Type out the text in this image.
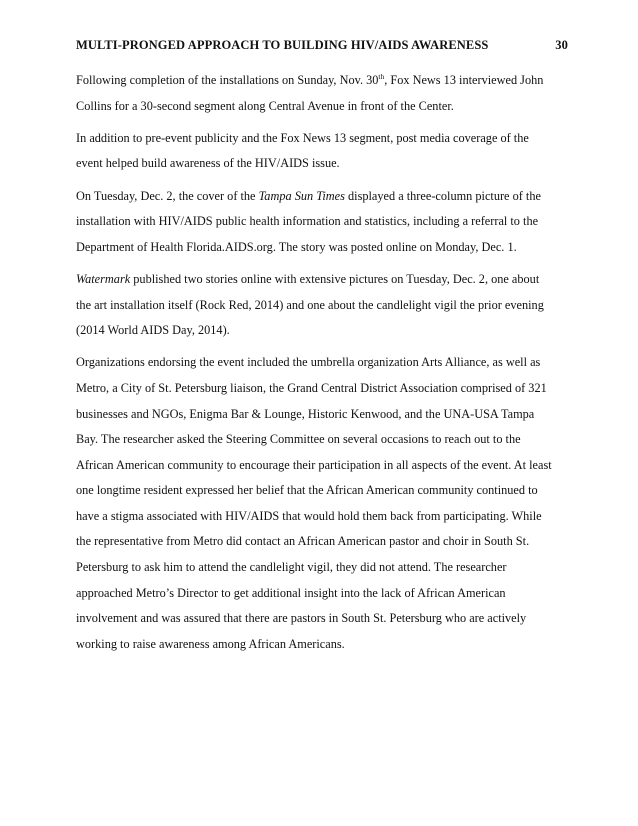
MULTI-PRONGED APPROACH TO BUILDING HIV/AIDS AWARENESS	30
Following completion of the installations on Sunday, Nov. 30th, Fox News 13 interviewed John
Collins for a 30-second segment along Central Avenue in front of the Center.
In addition to pre-event publicity and the Fox News 13 segment, post media coverage of the
event helped build awareness of the HIV/AIDS issue.
On Tuesday, Dec. 2, the cover of the Tampa Sun Times displayed a three-column picture of the
installation with HIV/AIDS public health information and statistics, including a referral to the
Department of Health Florida.AIDS.org. The story was posted online on Monday, Dec. 1.
Watermark published two stories online with extensive pictures on Tuesday, Dec. 2, one about
the art installation itself (Rock Red, 2014) and one about the candlelight vigil the prior evening
(2014 World AIDS Day, 2014).
Organizations endorsing the event included the umbrella organization Arts Alliance, as well as
Metro, a City of St. Petersburg liaison, the Grand Central District Association comprised of 321
businesses and NGOs, Enigma Bar & Lounge, Historic Kenwood, and the UNA-USA Tampa
Bay. The researcher asked the Steering Committee on several occasions to reach out to the
African American community to encourage their participation in all aspects of the event. At least
one longtime resident expressed her belief that the African American community continued to
have a stigma associated with HIV/AIDS that would hold them back from participating. While
the representative from Metro did contact an African American pastor and choir in South St.
Petersburg to ask him to attend the candlelight vigil, they did not attend. The researcher
approached Metro’s Director to get additional insight into the lack of African American
involvement and was assured that there are pastors in South St. Petersburg who are actively
working to raise awareness among African Americans.
